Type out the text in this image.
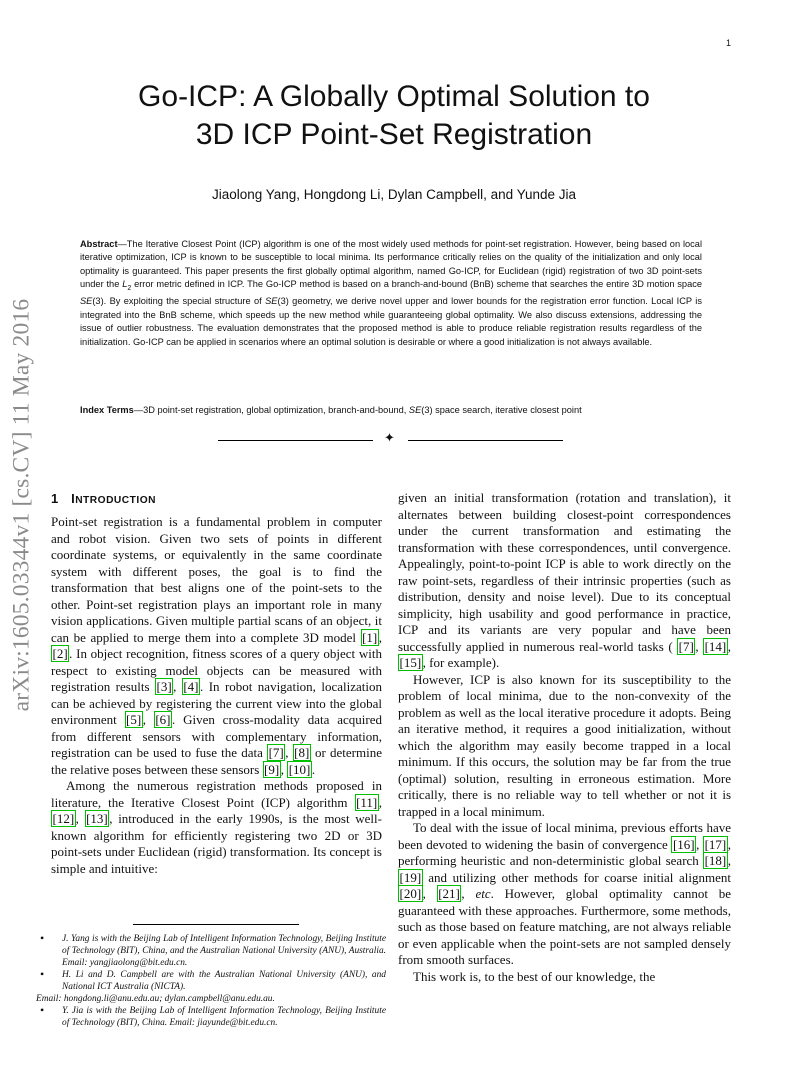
1
arXiv:1605.03344v1 [cs.CV] 11 May 2016
Go-ICP: A Globally Optimal Solution to
3D ICP Point-Set Registration
Jiaolong Yang, Hongdong Li, Dylan Campbell, and Yunde Jia
Abstract—The Iterative Closest Point (ICP) algorithm is one of the most widely used methods for point-set registration. However, being based on local iterative optimization, ICP is known to be susceptible to local minima. Its performance critically relies on the quality of the initialization and only local optimality is guaranteed. This paper presents the first globally optimal algorithm, named Go-ICP, for Euclidean (rigid) registration of two 3D point-sets under the $L_2$ error metric defined in ICP. The Go-ICP method is based on a branch-and-bound (BnB) scheme that searches the entire 3D motion space SE(3). By exploiting the special structure of SE(3) geometry, we derive novel upper and lower bounds for the registration error function. Local ICP is integrated into the BnB scheme, which speeds up the new method while guaranteeing global optimality. We also discuss extensions, addressing the issue of outlier robustness. The evaluation demonstrates that the proposed method is able to produce reliable registration results regardless of the initialization. Go-ICP can be applied in scenarios where an optimal solution is desirable or where a good initialization is not always available.
Index Terms—3D point-set registration, global optimization, branch-and-bound, SE(3) space search, iterative closest point
✦
1 INTRODUCTION

Point-set registration is a fundamental problem in computer and robot vision. Given two sets of points in different coordinate systems, or equivalently in the same coordinate system with different poses, the goal is to find the transformation that best aligns one of the point-sets to the other. Point-set registration plays an important role in many vision applications. Given multiple partial scans of an object, it can be applied to merge them into a complete 3D model [1] , [2] . In object recognition, fitness scores of a query object with respect to existing model objects can be measured with registration results [3] , [4] . In robot navigation, localization can be achieved by registering the current view into the global environment [5] , [6] . Given cross-modality data acquired from different sensors with complementary information, registration can be used to fuse the data [7] , [8] or determine the relative poses between these sensors [9] , [10] .

Among the numerous registration methods proposed in literature, the Iterative Closest Point (ICP) algorithm [11] , [12] , [13] , introduced in the early 1990s, is the most well-known algorithm for efficiently registering two 2D or 3D point-sets under Euclidean (rigid) transformation. Its concept is simple and intuitive:

given an initial transformation (rotation and translation), it alternates between building closest-point correspondences under the current transformation and estimating the transformation with these correspondences, until convergence. Appealingly, point-to-point ICP is able to work directly on the raw point-sets, regardless of their intrinsic properties (such as distribution, density and noise level). Due to its conceptual simplicity, high usability and good performance in practice, ICP and its variants are very popular and have been successfully applied in numerous real-world tasks ( [7] , [14] , [15] , for example).

However, ICP is also known for its susceptibility to the problem of local minima, due to the non-convexity of the problem as well as the local iterative procedure it adopts. Being an iterative method, it requires a good initialization, without which the algorithm may easily become trapped in a local minimum. If this occurs, the solution may be far from the true (optimal) solution, resulting in erroneous estimation. More critically, there is no reliable way to tell whether or not it is trapped in a local minimum.

To deal with the issue of local minima, previous efforts have been devoted to widening the basin of convergence [16] , [17] , performing heuristic and non-deterministic global search [18] , [19] and utilizing other methods for coarse initial alignment [20] , [21] , etc. However, global optimality cannot be guaranteed with these approaches. Furthermore, some methods, such as those based on feature matching, are not always reliable or even applicable when the point-sets are not sampled densely from smooth surfaces.

This work is, to the best of our knowledge, the

• J. Yang is with the Beijing Lab of Intelligent Information Technology, Beijing Institute of Technology (BIT), China, and the Australian National University (ANU), Australia. Email: yangjiaolong@bit.edu.cn.
• H. Li and D. Campbell are with the Australian National University (ANU), and National ICT Australia (NICTA).
Email: hongdong.li@anu.edu.au; dylan.campbell@anu.edu.au.
• Y. Jia is with the Beijing Lab of Intelligent Information Technology, Beijing Institute of Technology (BIT), China. Email: jiayunde@bit.edu.cn.
